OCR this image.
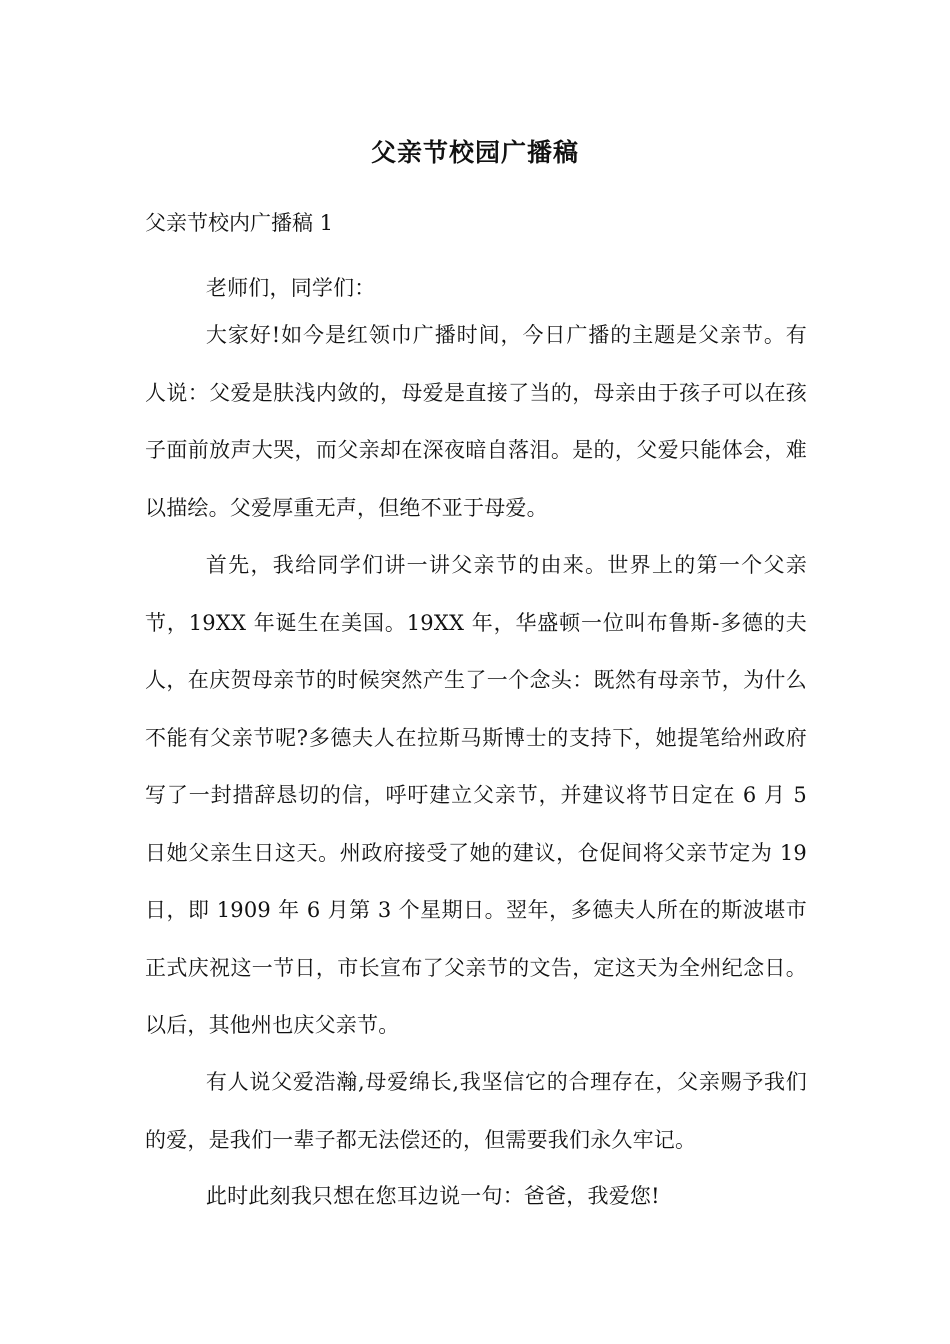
父亲节校园广播稿
父亲节校内广播稿 1

老师们，同学们：

大家好!如今是红领巾广播时间，今日广播的主题是父亲节。有人说：父爱是肤浅内敛的，母爱是直接了当的，母亲由于孩子可以在孩子面前放声大哭，而父亲却在深夜暗自落泪。是的，父爱只能体会，难以描绘。父爱厚重无声，但绝不亚于母爱。

首先，我给同学们讲一讲父亲节的由来。世界上的第一个父亲节，19XX 年诞生在美国。19XX 年，华盛顿一位叫布鲁斯-多德的夫人，在庆贺母亲节的时候突然产生了一个念头：既然有母亲节，为什么不能有父亲节呢?多德夫人在拉斯马斯博士的支持下，她提笔给州政府写了一封措辞恳切的信，呼吁建立父亲节，并建议将节日定在 6 月 5 日她父亲生日这天。州政府接受了她的建议，仓促间将父亲节定为 19 日，即 1909 年 6 月第 3 个星期日。翌年，多德夫人所在的斯波堪市正式庆祝这一节日，市长宣布了父亲节的文告，定这天为全州纪念日。以后，其他州也庆父亲节。

有人说父爱浩瀚,母爱绵长,我坚信它的合理存在，父亲赐予我们的爱，是我们一辈子都无法偿还的，但需要我们永久牢记。

此时此刻我只想在您耳边说一句：爸爸，我爱您!
